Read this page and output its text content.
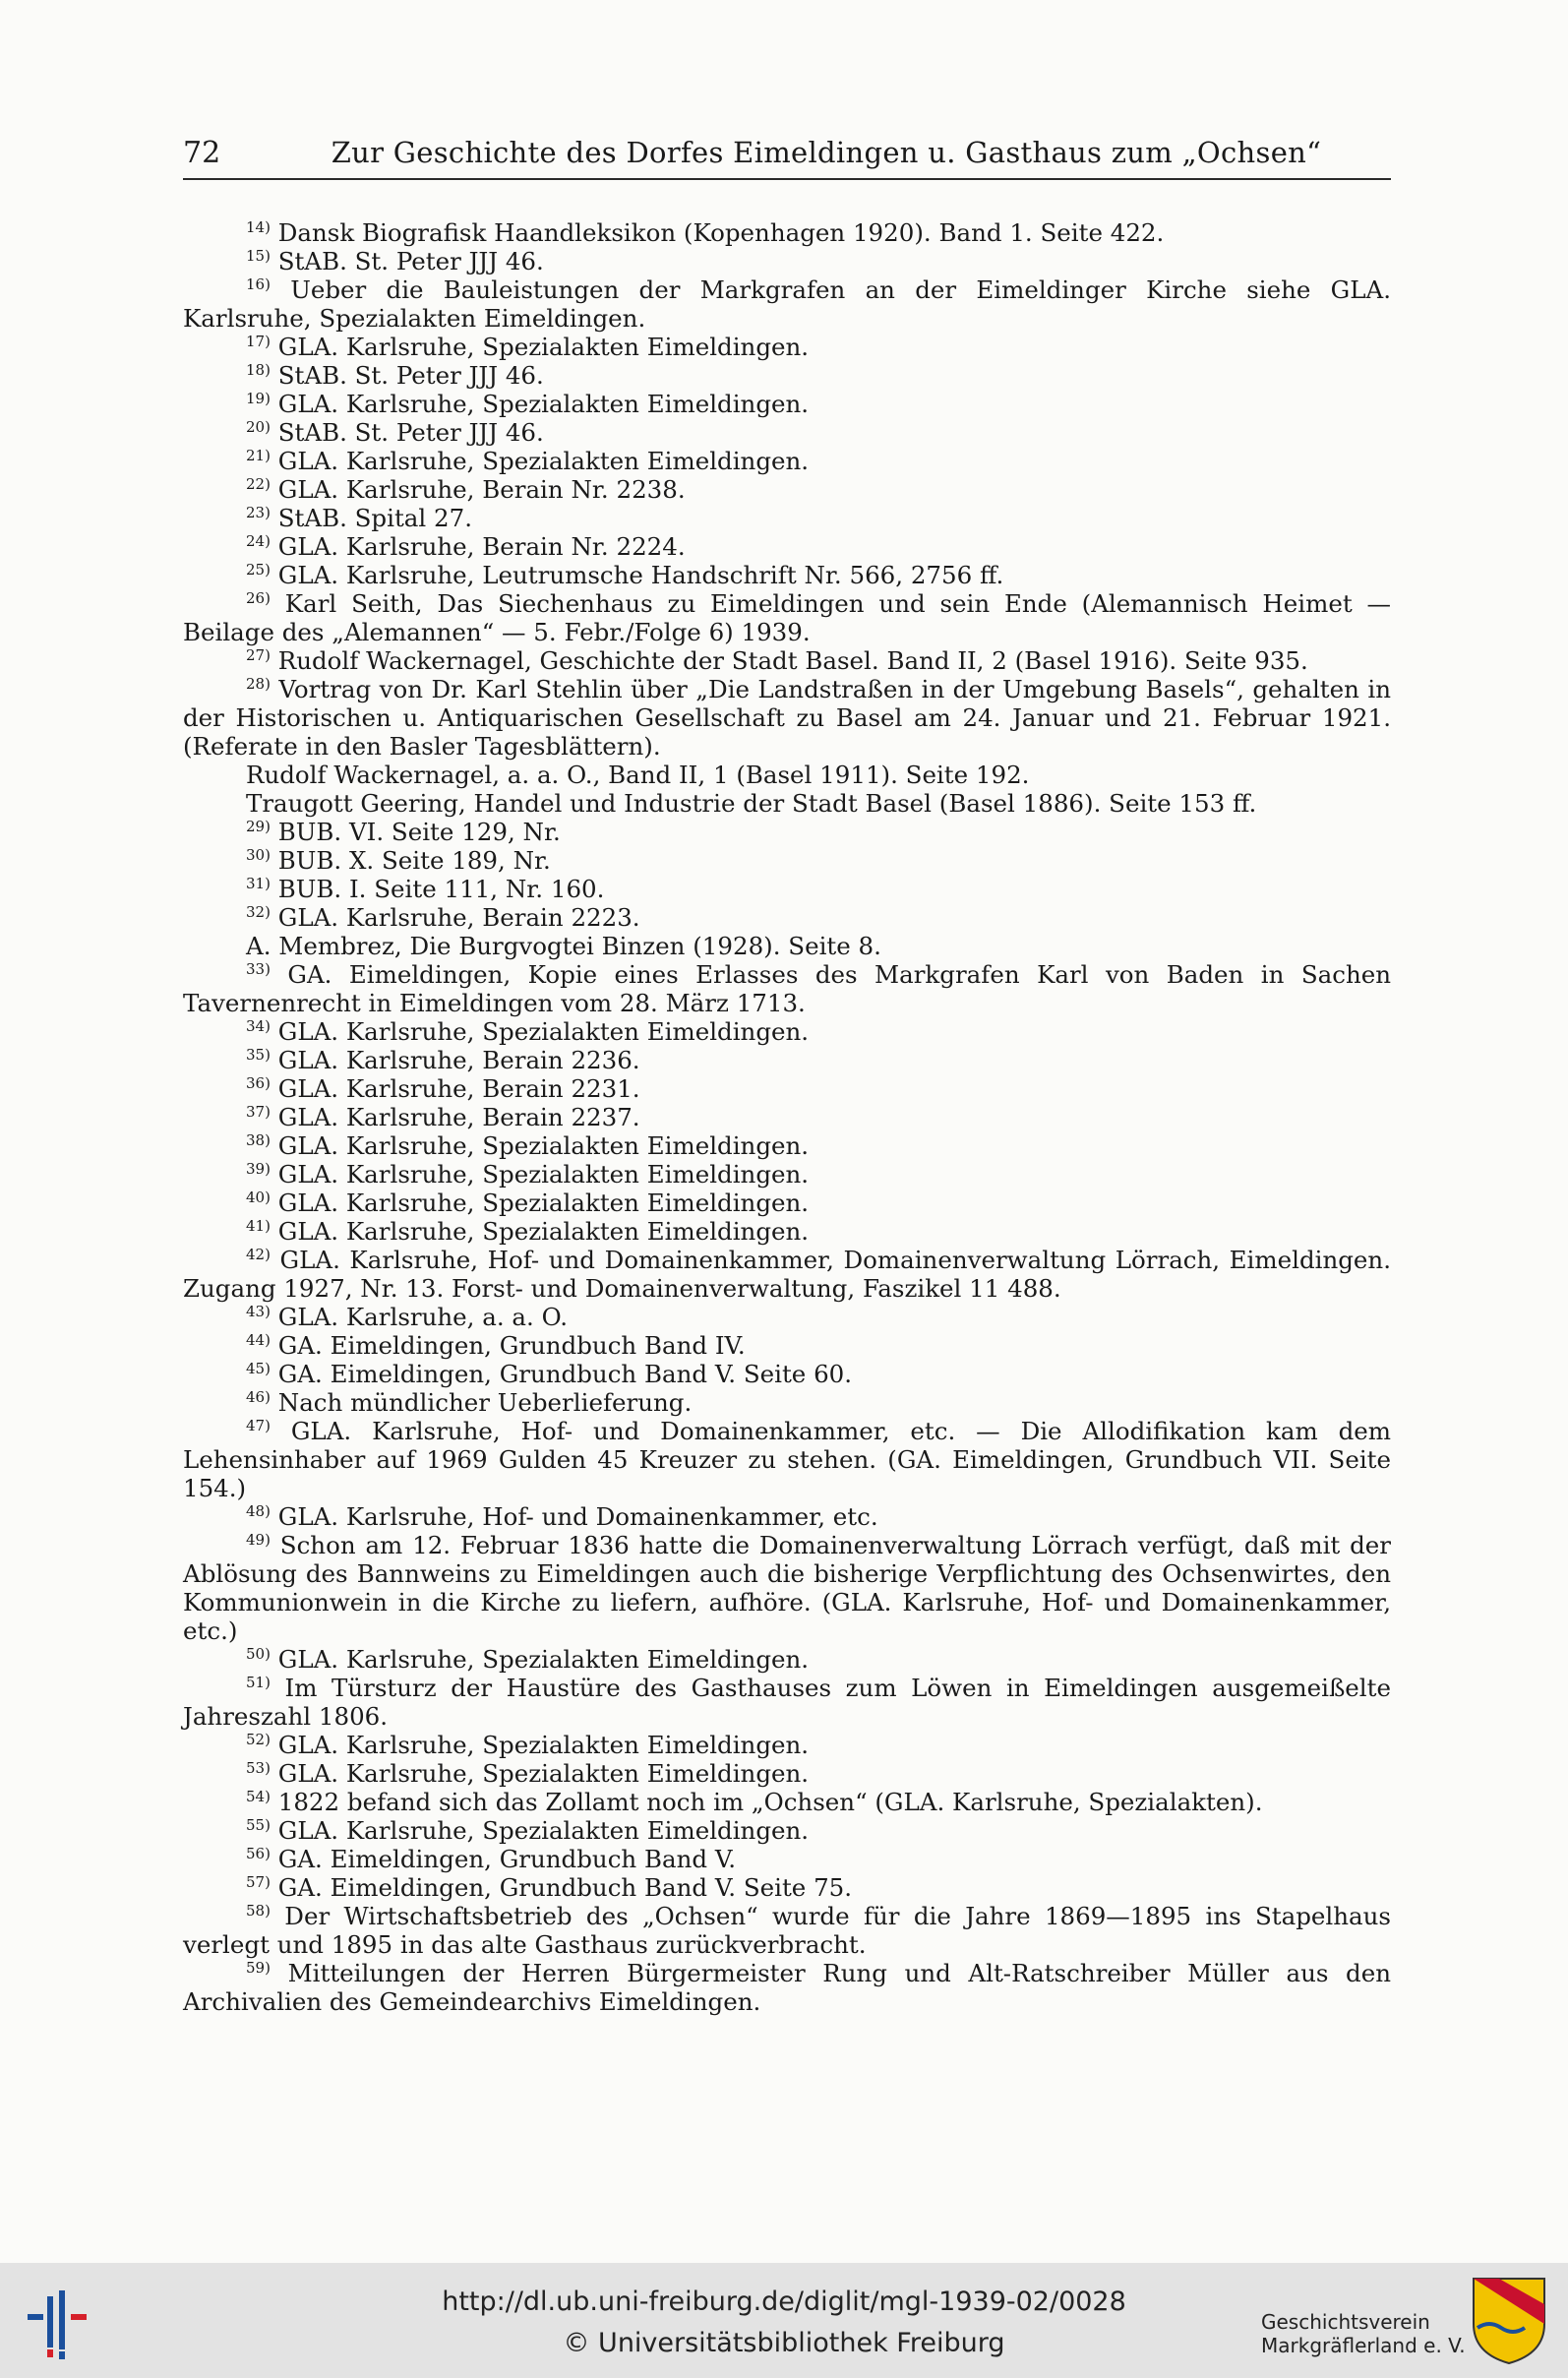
72	Zur Geschichte des Dorfes Eimeldingen u. Gasthaus zum „Ochsen“
$^{14)}$ Dansk Biografisk Haandleksikon (Kopenhagen 1920). Band 1. Seite 422.
$^{15)}$ StAB. St. Peter JJJ 46.
$^{16)}$ Ueber die Bauleistungen der Markgrafen an der Eimeldinger Kirche siehe GLA. Karlsruhe, Spezialakten Eimeldingen.
$^{17)}$ GLA. Karlsruhe, Spezialakten Eimeldingen.
$^{18)}$ StAB. St. Peter JJJ 46.
$^{19)}$ GLA. Karlsruhe, Spezialakten Eimeldingen.
$^{20)}$ StAB. St. Peter JJJ 46.
$^{21)}$ GLA. Karlsruhe, Spezialakten Eimeldingen.
$^{22)}$ GLA. Karlsruhe, Berain Nr. 2238.
$^{23)}$ StAB. Spital 27.
$^{24)}$ GLA. Karlsruhe, Berain Nr. 2224.
$^{25)}$ GLA. Karlsruhe, Leutrumsche Handschrift Nr. 566, 2756 ff.
$^{26)}$ Karl Seith, Das Siechenhaus zu Eimeldingen und sein Ende (Alemannisch Heimet — Beilage des „Alemannen“ — 5. Febr./Folge 6) 1939.
$^{27)}$ Rudolf Wackernagel, Geschichte der Stadt Basel. Band II, 2 (Basel 1916). Seite 935.
$^{28)}$ Vortrag von Dr. Karl Stehlin über „Die Landstraßen in der Umgebung Basels“, gehalten in der Historischen u. Antiquarischen Gesellschaft zu Basel am 24. Januar und 21. Februar 1921. (Referate in den Basler Tagesblättern).
Rudolf Wackernagel, a. a. O., Band II, 1 (Basel 1911). Seite 192.
Traugott Geering, Handel und Industrie der Stadt Basel (Basel 1886). Seite 153 ff.
$^{29)}$ BUB. VI. Seite 129, Nr.
$^{30)}$ BUB. X. Seite 189, Nr.
$^{31)}$ BUB. I. Seite 111, Nr. 160.
$^{32)}$ GLA. Karlsruhe, Berain 2223.
A. Membrez, Die Burgvogtei Binzen (1928). Seite 8.
$^{33)}$ GA. Eimeldingen, Kopie eines Erlasses des Markgrafen Karl von Baden in Sachen Tavernenrecht in Eimeldingen vom 28. März 1713.
$^{34)}$ GLA. Karlsruhe, Spezialakten Eimeldingen.
$^{35)}$ GLA. Karlsruhe, Berain 2236.
$^{36)}$ GLA. Karlsruhe, Berain 2231.
$^{37)}$ GLA. Karlsruhe, Berain 2237.
$^{38)}$ GLA. Karlsruhe, Spezialakten Eimeldingen.
$^{39)}$ GLA. Karlsruhe, Spezialakten Eimeldingen.
$^{40)}$ GLA. Karlsruhe, Spezialakten Eimeldingen.
$^{41)}$ GLA. Karlsruhe, Spezialakten Eimeldingen.
$^{42)}$ GLA. Karlsruhe, Hof- und Domainenkammer, Domainenverwaltung Lörrach, Eimeldingen. Zugang 1927, Nr. 13. Forst- und Domainenverwaltung, Faszikel 11 488.
$^{43)}$ GLA. Karlsruhe, a. a. O.
$^{44)}$ GA. Eimeldingen, Grundbuch Band IV.
$^{45)}$ GA. Eimeldingen, Grundbuch Band V. Seite 60.
$^{46)}$ Nach mündlicher Ueberlieferung.
$^{47)}$ GLA. Karlsruhe, Hof- und Domainenkammer, etc. — Die Allodifikation kam dem Lehensinhaber auf 1969 Gulden 45 Kreuzer zu stehen. (GA. Eimeldingen, Grundbuch VII. Seite 154.)
$^{48)}$ GLA. Karlsruhe, Hof- und Domainenkammer, etc.
$^{49)}$ Schon am 12. Februar 1836 hatte die Domainenverwaltung Lörrach verfügt, daß mit der Ablösung des Bannweins zu Eimeldingen auch die bisherige Verpflichtung des Ochsenwirtes, den Kommunionwein in die Kirche zu liefern, aufhöre. (GLA. Karlsruhe, Hof- und Domainenkammer, etc.)
$^{50)}$ GLA. Karlsruhe, Spezialakten Eimeldingen.
$^{51)}$ Im Türsturz der Haustüre des Gasthauses zum Löwen in Eimeldingen ausgemeißelte Jahreszahl 1806.
$^{52)}$ GLA. Karlsruhe, Spezialakten Eimeldingen.
$^{53)}$ GLA. Karlsruhe, Spezialakten Eimeldingen.
$^{54)}$ 1822 befand sich das Zollamt noch im „Ochsen“ (GLA. Karlsruhe, Spezialakten).
$^{55)}$ GLA. Karlsruhe, Spezialakten Eimeldingen.
$^{56)}$ GA. Eimeldingen, Grundbuch Band V.
$^{57)}$ GA. Eimeldingen, Grundbuch Band V. Seite 75.
$^{58)}$ Der Wirtschaftsbetrieb des „Ochsen“ wurde für die Jahre 1869—1895 ins Stapelhaus verlegt und 1895 in das alte Gasthaus zurückverbracht.
$^{59)}$ Mitteilungen der Herren Bürgermeister Rung und Alt-Ratschreiber Müller aus den Archivalien des Gemeindearchivs Eimeldingen.
http://dl.ub.uni-freiburg.de/diglit/mgl-1939-02/0028
© Universitätsbibliothek Freiburg
Geschichtsverein
Markgräflerland e. V.
